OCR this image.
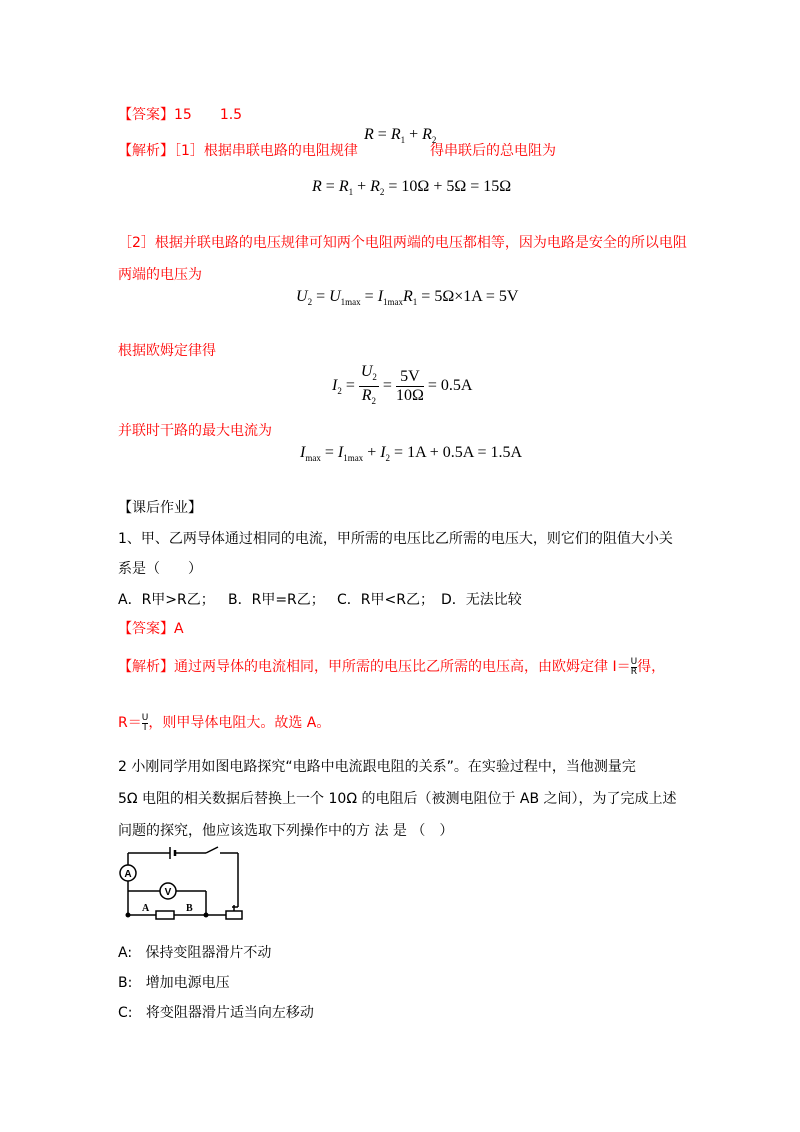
【答案】15　　1.5
【解析】［1］根据串联电路的电阻规律
$R = R_1 + R_2$
得串联后的总电阻为
$R = R_1 + R_2 = 10\Omega + 5\Omega = 15\Omega$
［2］根据并联电路的电压规律可知两个电阻两端的电压都相等，因为电路是安全的所以电阻
两端的电压为
$U_2 = U_{1max} = I_{1max}R_1 = 5\Omega\times 1A = 5V$
根据欧姆定律得
$I_2 = \frac{U_2}{R_2} = \frac{5V}{10\Omega} = 0.5A$
并联时干路的最大电流为
$I_{max} = I_{1max} + I_2 = 1A + 0.5A = 1.5A$
【课后作业】
1、甲、乙两导体通过相同的电流，甲所需的电压比乙所需的电压大，则它们的阻值大小关
系是（　　）
A．R甲>R乙； B．R甲=R乙； C．R甲<R乙； D．无法比较
【答案】A
【解析】通过两导体的电流相同，甲所需的电压比乙所需的电压高，由欧姆定律 $I= \frac{U}{R}$ 得，
$R= \frac{U}{I}$ ，则甲导体电阻大。故选 A。
2 小刚同学用如图电路探究“电路中电流跟电阻的关系”。在实验过程中，当他测量完
5Ω 电阻的相关数据后替换上一个 10Ω 的电阻后（被测电阻位于 AB 之间），为了完成上述
问题的探究，他应该选取下列操作中的方 法 是 （　）
A
V
A	B
A: 保持变阻器滑片不动
B: 增加电源电压
C: 将变阻器滑片适当向左移动
